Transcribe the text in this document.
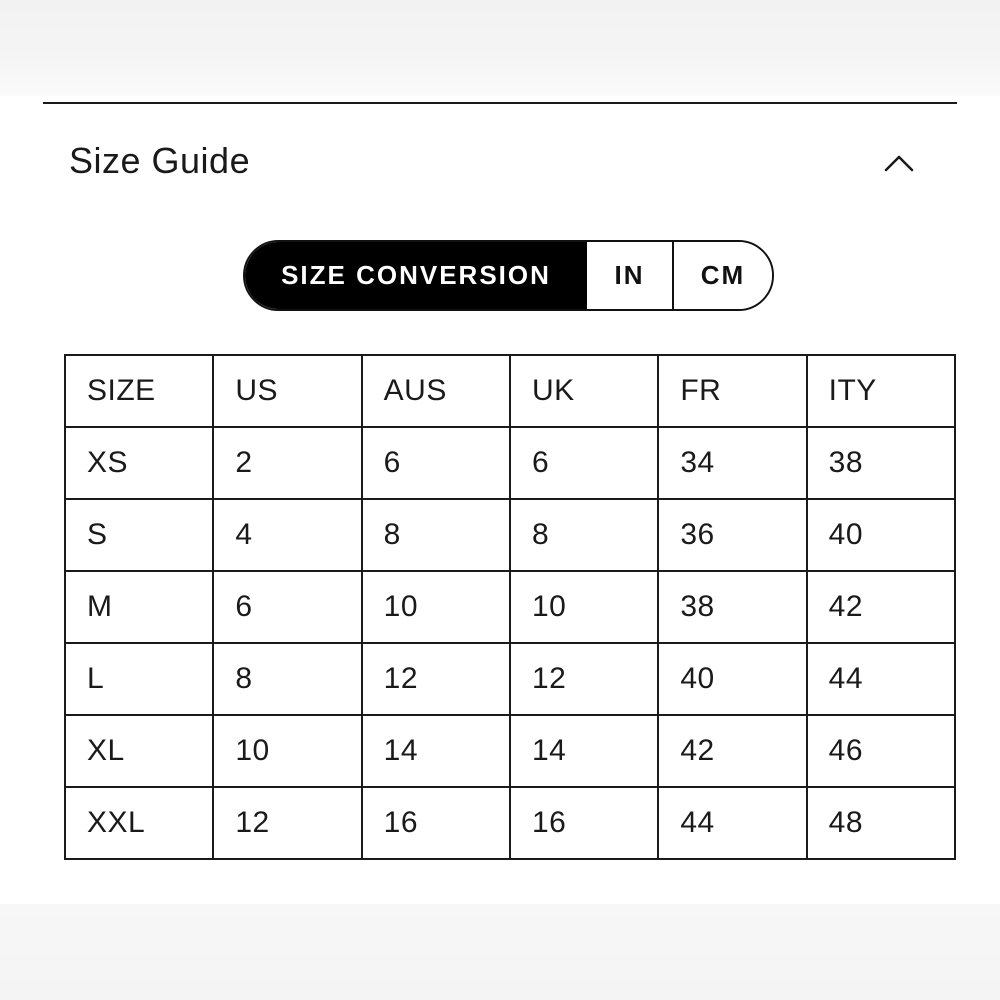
Size Guide
SIZE CONVERSION	IN	CM
SIZE	US	AUS	UK	FR	ITY
XS	2	6	6	34	38
S	4	8	8	36	40
M	6	10	10	38	42
L	8	12	12	40	44
XL	10	14	14	42	46
XXL	12	16	16	44	48
